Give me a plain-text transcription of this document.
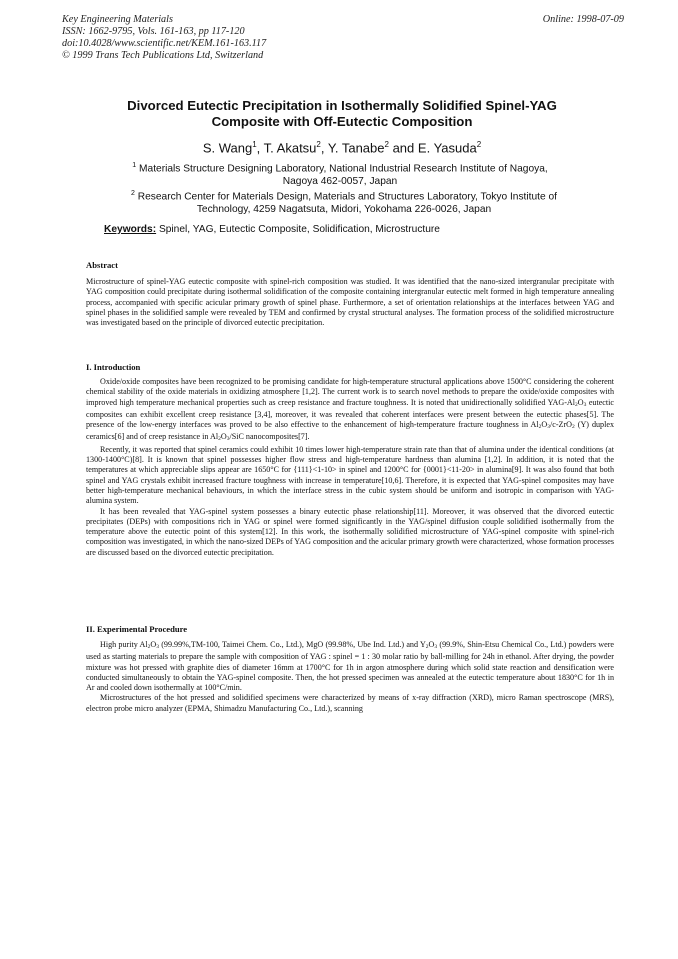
Key Engineering Materials
ISSN: 1662-9795, Vols. 161-163, pp 117-120
doi:10.4028/www.scientific.net/KEM.161-163.117
© 1999 Trans Tech Publications Ltd, Switzerland
Online: 1998-07-09
Divorced Eutectic Precipitation in Isothermally Solidified Spinel-YAG
Composite with Off-Eutectic Composition
S. Wang$^1$, T. Akatsu$^2$, Y. Tanabe$^2$ and E. Yasuda$^2$
$^1$ Materials Structure Designing Laboratory, National Industrial Research Institute of Nagoya,
Nagoya 462-0057, Japan
$^2$ Research Center for Materials Design, Materials and Structures Laboratory, Tokyo Institute of
Technology, 4259 Nagatsuta, Midori, Yokohama 226-0026, Japan
Keywords: Spinel, YAG, Eutectic Composite, Solidification, Microstructure
Abstract

Microstructure of spinel-YAG eutectic composite with spinel-rich composition was studied. It was identified that the nano-sized intergranular precipitate with YAG composition could precipitate during isothermal solidification of the composite containing intergranular eutectic melt formed in high temperature annealing process, accompanied with specific acicular primary growth of spinel phase. Furthermore, a set of orientation relationships at the interfaces between YAG and spinel phases in the solidified sample were revealed by TEM and confirmed by crystal structural analyses. The formation process of the solidified microstructure was investigated based on the principle of divorced eutectic precipitation.

I. Introduction

Oxide/oxide composites have been recognized to be promising candidate for high-temperature structural applications above 1500°C considering the coherent chemical stability of the oxide materials in oxidizing atmosphere [1,2]. The current work is to search novel methods to prepare the oxide/oxide composites with improved high temperature mechanical properties such as creep resistance and fracture toughness. It is noted that unidirectionally solidified YAG-$Al_2O_3$ eutectic composites can exhibit excellent creep resistance [3,4], moreover, it was revealed that coherent interfaces were present between the eutectic phases[5]. The presence of the low-energy interfaces was proved to be also effective to the enhancement of high-temperature fracture toughness in $Al_2O_3/c-ZrO_2$ (Y) duplex ceramics[6] and of creep resistance in $Al_2O_3$/SiC nanocomposites[7].

Recently, it was reported that spinel ceramics could exhibit 10 times lower high-temperature strain rate than that of alumina under the identical conditions (at 1300-1400°C)[8]. It is known that spinel possesses higher flow stress and high-temperature hardness than alumina [1,2]. In addition, it is noted that the temperatures at which appreciable slips appear are 1650°C for {111}<1-10> in spinel and 1200°C for {0001}<11-20> in alumina[9]. It was also found that both spinel and YAG crystals exhibit increased fracture toughness with increase in temperature[10,6]. Therefore, it is expected that YAG-spinel composites may have better high-temperature mechanical behaviours, in which the interface stress in the cubic system should be uniform and isotropic in comparison with YAG-alumina system.

It has been revealed that YAG-spinel system possesses a binary eutectic phase relationship[11]. Moreover, it was observed that the divorced eutectic precipitates (DEPs) with compositions rich in YAG or spinel were formed significantly in the YAG/spinel diffusion couple solidified isothermally from the temperature above the eutectic point of this system[12]. In this work, the isothermally solidified microstructure of YAG-spinel composite with spinel-rich composition was investigated, in which the nano-sized DEPs of YAG composition and the acicular primary growth were characterized, whose formation processes are discussed based on the divorced eutectic precipitation.

II. Experimental Procedure

High purity $Al_2O_3$ (99.99%,TM-100, Taimei Chem. Co., Ltd.), MgO (99.98%, Ube Ind. Ltd.) and $Y_2O_3$ (99.9%, Shin-Etsu Chemical Co., Ltd.) powders were used as starting materials to prepare the sample with composition of YAG : spinel = 1 : 30 molar ratio by ball-milling for 24h in ethanol. After drying, the powder mixture was hot pressed with graphite dies of diameter 16mm at 1700°C for 1h in argon atmosphere during which solid state reaction and densification were conducted simultaneously to obtain the YAG-spinel composite. Then, the hot pressed specimen was annealed at the eutectic temperature about 1830°C for 1h in Ar and cooled down isothermally at 100°C/min.

Microstructures of the hot pressed and solidified specimens were characterized by means of x-ray diffraction (XRD), micro Raman spectroscope (MRS), electron probe micro analyzer (EPMA, Shimadzu Manufacturing Co., Ltd.), scanning
